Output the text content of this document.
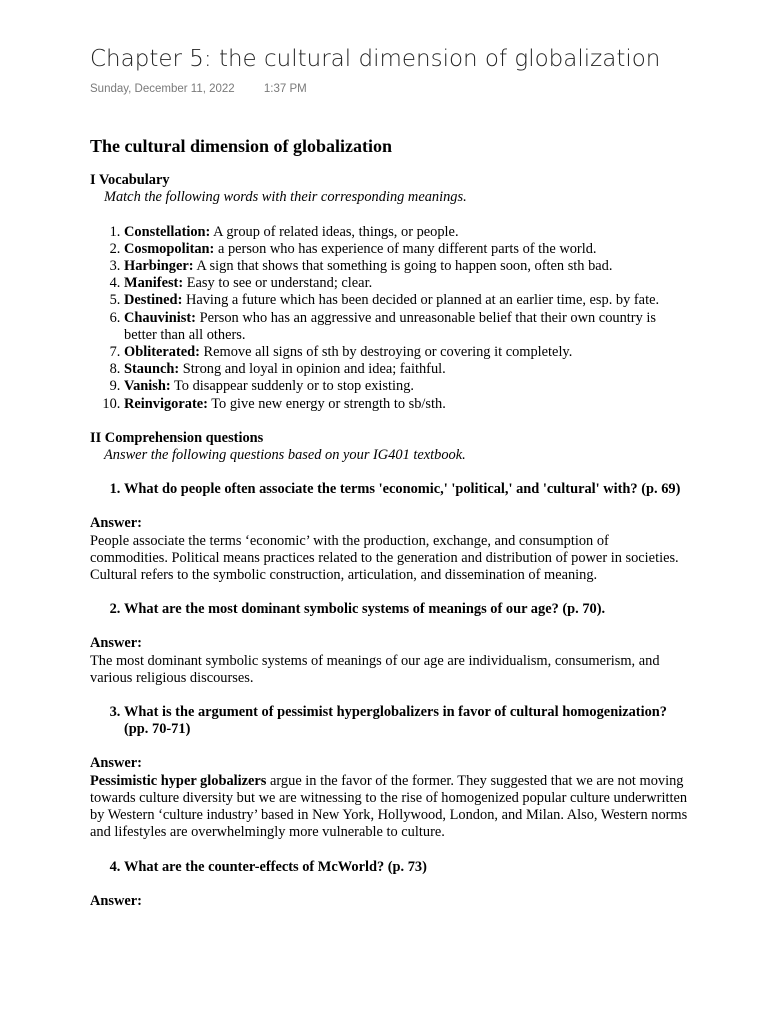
Chapter 5: the cultural dimension of globalization
Sunday, December 11, 2022	1:37 PM
The cultural dimension of globalization

I Vocabulary

Match the following words with their corresponding meanings.

1. Constellation: A group of related ideas, things, or people.
2. Cosmopolitan: a person who has experience of many different parts of the world.
3. Harbinger: A sign that shows that something is going to happen soon, often sth bad.
4. Manifest: Easy to see or understand; clear.
5. Destined: Having a future which has been decided or planned at an earlier time, esp. by fate.
6. Chauvinist: Person who has an aggressive and unreasonable belief that their own country is better than all others.
7. Obliterated: Remove all signs of sth by destroying or covering it completely.
8. Staunch: Strong and loyal in opinion and idea; faithful.
9. Vanish: To disappear suddenly or to stop existing.
10. Reinvigorate: To give new energy or strength to sb/sth.

II Comprehension questions

Answer the following questions based on your IG401 textbook.

1. What do people often associate the terms 'economic,' 'political,' and 'cultural' with? (p. 69)

Answer:

People associate the terms ‘economic’ with the production, exchange, and consumption of commodities. Political means practices related to the generation and distribution of power in societies. Cultural refers to the symbolic construction, articulation, and dissemination of meaning.

2. What are the most dominant symbolic systems of meanings of our age? (p. 70).

Answer:

The most dominant symbolic systems of meanings of our age are individualism, consumerism, and various religious discourses.

3. What is the argument of pessimist hyperglobalizers in favor of cultural homogenization? (pp. 70-71)

Answer:

Pessimistic hyper globalizers argue in the favor of the former. They suggested that we are not moving towards culture diversity but we are witnessing to the rise of homogenized popular culture underwritten by Western ‘culture industry’ based in New York, Hollywood, London, and Milan. Also, Western norms and lifestyles are overwhelmingly more vulnerable to culture.

4. What are the counter-effects of McWorld? (p. 73)

Answer:
